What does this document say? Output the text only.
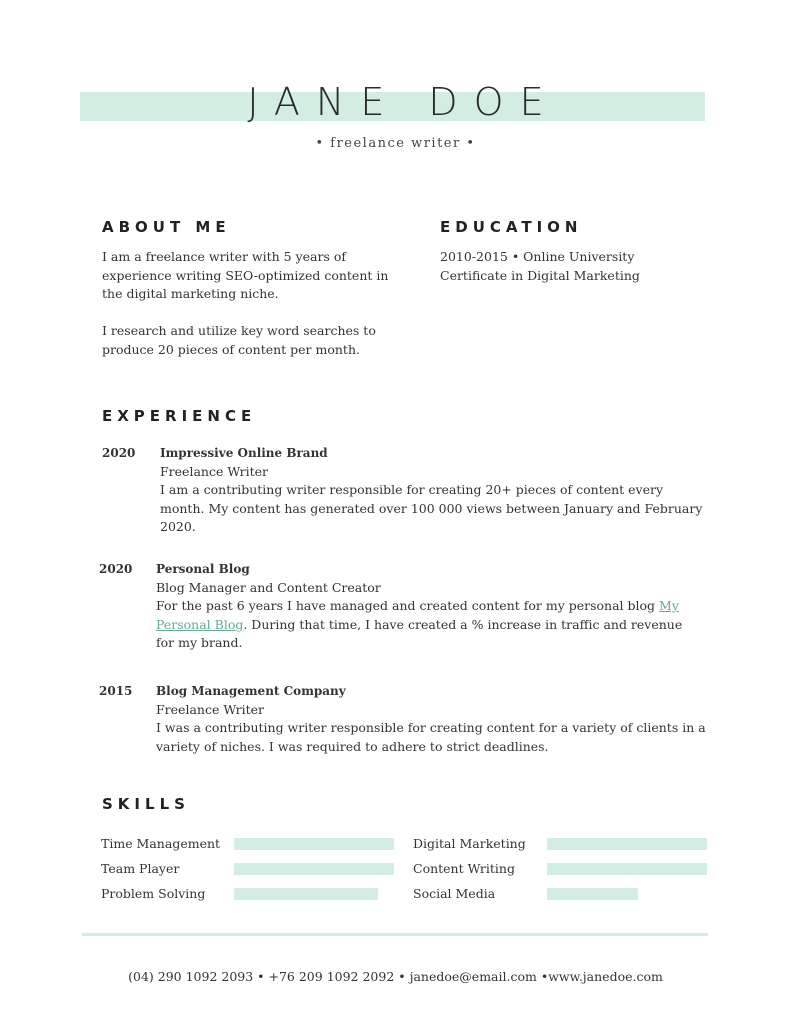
JANE DOE
• freelance writer •
ABOUT ME

I am a freelance writer with 5 years of experience writing SEO-optimized content in the digital marketing niche.

I research and utilize key word searches to produce 20 pieces of content per month.

EDUCATION

2010-2015 • Online University

Certificate in Digital Marketing

EXPERIENCE
2020 Impressive Online Brand

Freelance Writer

I am a contributing writer responsible for creating 20+ pieces of content every month. My content has generated over 100 000 views between January and February 2020.

2020 Personal Blog

Blog Manager and Content Creator

For the past 6 years I have managed and created content for my personal blog My Personal Blog. During that time, I have created a % increase in traffic and revenue for my brand.

2015 Blog Management Company

Freelance Writer

I was a contributing writer responsible for creating content for a variety of clients in a variety of niches. I was required to adhere to strict deadlines.

SKILLS
Time Management
Team Player
Problem Solving
Digital Marketing
Content Writing
Social Media
(04) 290 1092 2093 • +76 209 1092 2092 • janedoe@email.com •www.janedoe.com
